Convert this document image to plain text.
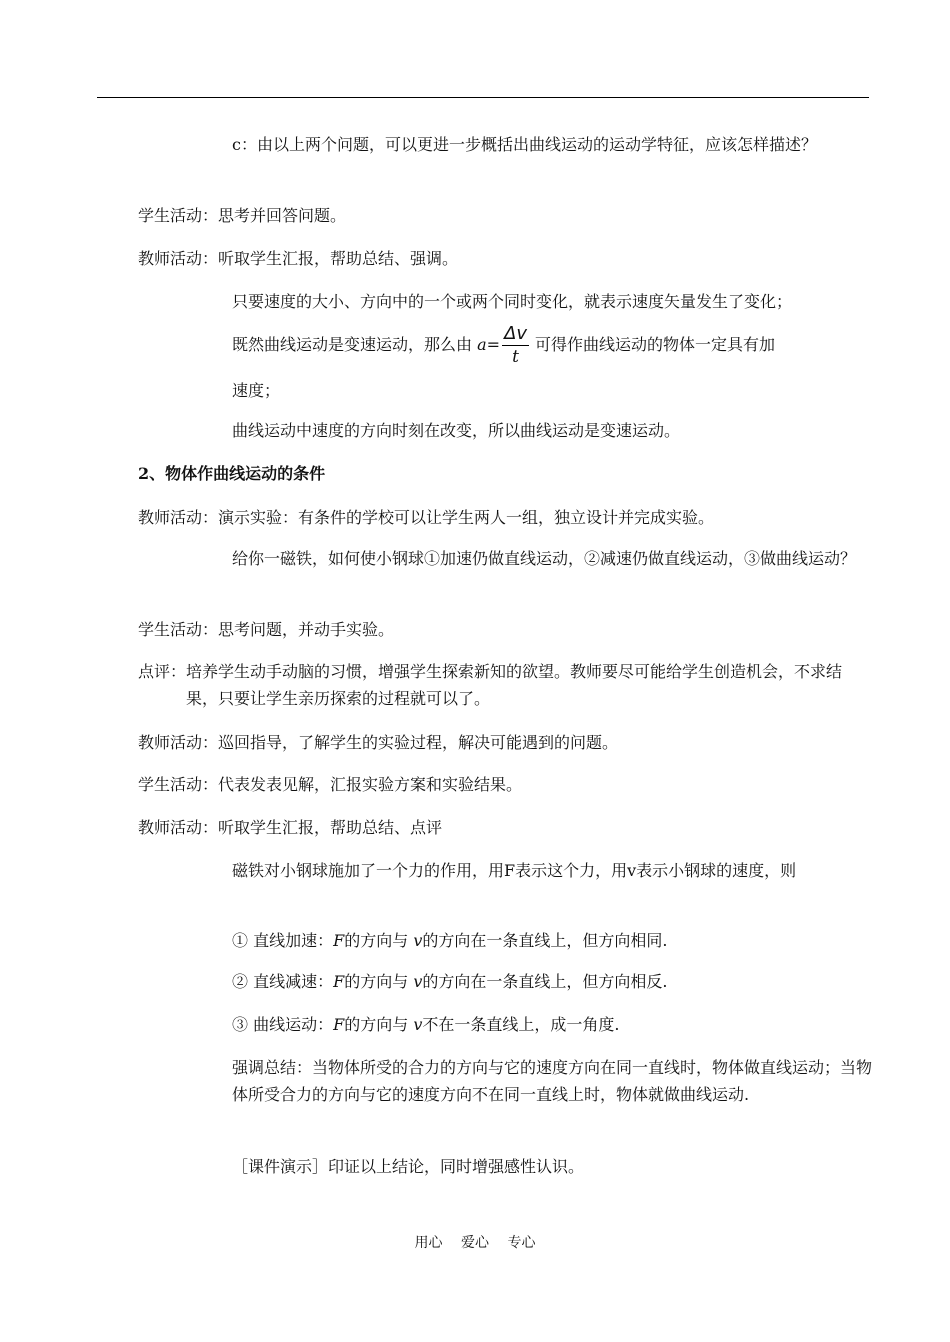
c：由以上两个问题，可以更进一步概括出曲线运动的运动学特征，应该怎样描述？
学生活动：思考并回答问题。
教师活动：听取学生汇报，帮助总结、强调。
只要速度的大小、方向中的一个或两个同时变化，就表示速度矢量发生了变化；
既然曲线运动是变速运动，那么由 $a= \frac{\Delta v}{t}$ 可得作曲线运动的物体一定具有加
速度；
曲线运动中速度的方向时刻在改变，所以曲线运动是变速运动。
2、物体作曲线运动的条件
教师活动：演示实验：有条件的学校可以让学生两人一组，独立设计并完成实验。
给你一磁铁，如何使小钢球①加速仍做直线运动，②减速仍做直线运动，③做曲线运动？
学生活动：思考问题，并动手实验。
点评： 培养学生动手动脑的习惯，增强学生探索新知的欲望。教师要尽可能给学生创造机会，不求结果，只要让学生亲历探索的过程就可以了。
教师活动：巡回指导，了解学生的实验过程，解决可能遇到的问题。
学生活动：代表发表见解，汇报实验方案和实验结果。
教师活动：听取学生汇报，帮助总结、点评
磁铁对小钢球施加了一个力的作用，用F表示这个力，用v表示小钢球的速度，则
① 直线加速：F的方向与 v的方向在一条直线上，但方向相同.
② 直线减速：F的方向与 v的方向在一条直线上，但方向相反.
③ 曲线运动：F的方向与 v不在一条直线上，成一角度.
强调总结：当物体所受的合力的方向与它的速度方向在同一直线时，物体做直线运动；当物体所受合力的方向与它的速度方向不在同一直线上时，物体就做曲线运动.
［课件演示］印证以上结论，同时增强感性认识。
用心 爱心 专心
